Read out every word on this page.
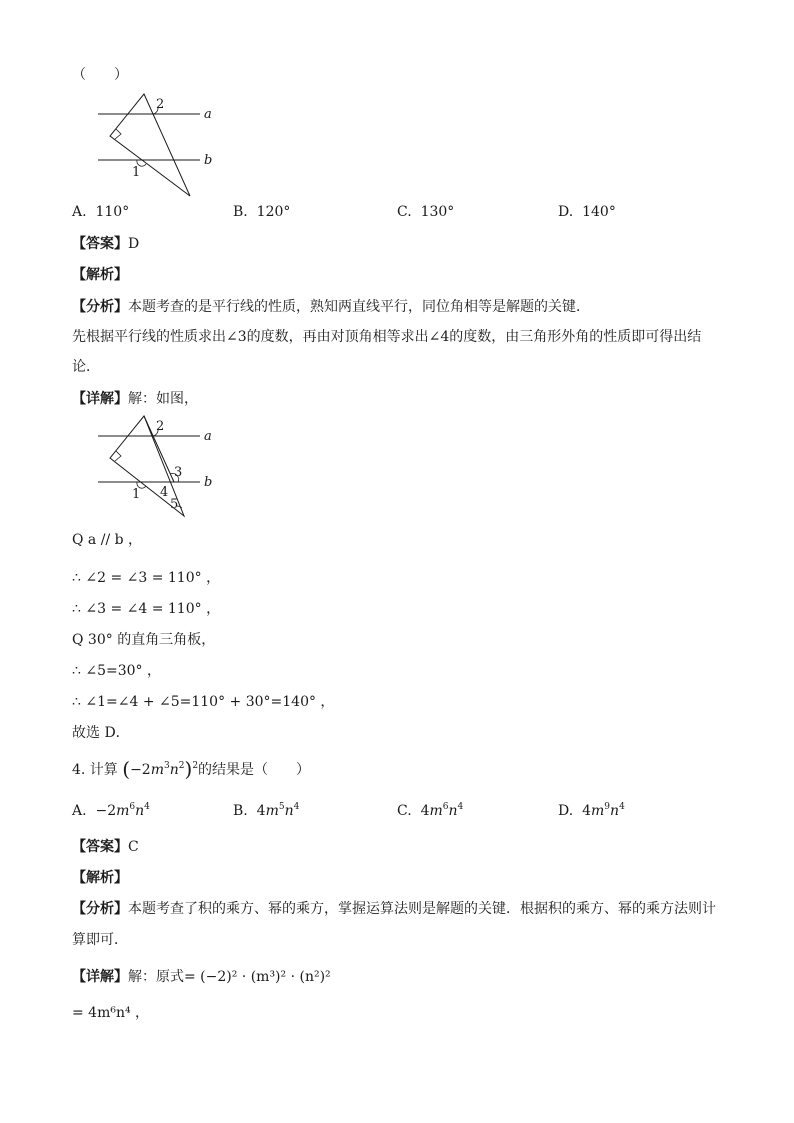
（　　）
a
b
1
2
A. 110°	B. 120°	C. 130°	D. 140°
【答案】D
【解析】
【分析】本题考查的是平行线的性质，熟知两直线平行，同位角相等是解题的关键．
先根据平行线的性质求出∠3的度数，再由对顶角相等求出∠4的度数，由三角形外角的性质即可得出结
论．
【详解】解：如图，
a
b
1
2
3
4
5
Q a // b ，
∴ ∠2 = ∠3 = 110° ，
∴ ∠3 = ∠4 = 110° ，
Q 30° 的直角三角板，
∴ ∠5=30° ，
∴ ∠1=∠4 + ∠5=110° + 30°=140° ，
故选 D．
4. 计算 $(-2m^3n^2)^2$的结果是（　　）
A. $-2m^6n^4$	B. $4m^5n^4$	C. $4m^6n^4$	D. $4m^9n^4$
【答案】C
【解析】
【分析】本题考查了积的乘方、幂的乘方，掌握运算法则是解题的关键．根据积的乘方、幂的乘方法则计
算即可．
【详解】解：原式= (−2)² · (m³)² · (n²)²
= 4m⁶n⁴ ，
